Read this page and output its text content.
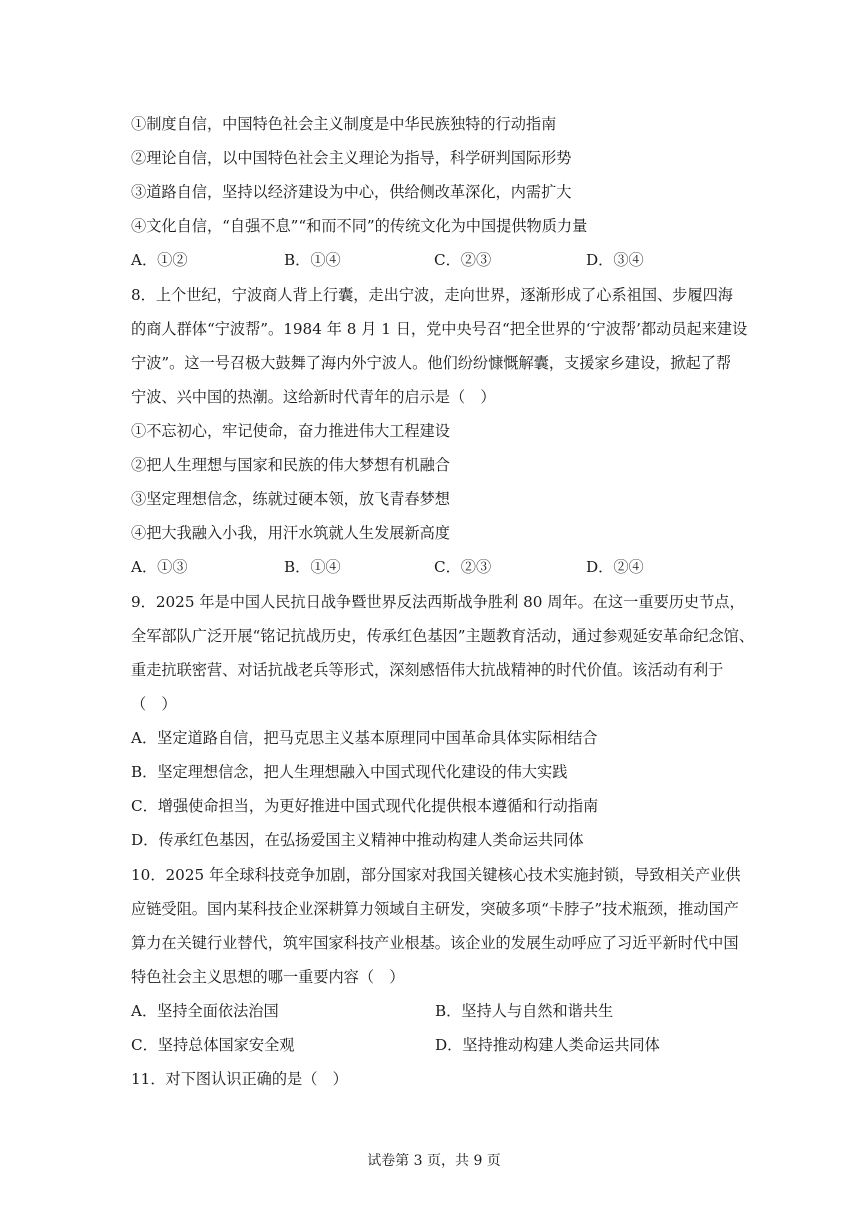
①制度自信，中国特色社会主义制度是中华民族独特的行动指南
②理论自信，以中国特色社会主义理论为指导，科学研判国际形势
③道路自信，坚持以经济建设为中心，供给侧改革深化，内需扩大
④文化自信，“自强不息”“和而不同”的传统文化为中国提供物质力量
A．①②	B．①④	C．②③	D．③④
8．上个世纪，宁波商人背上行囊，走出宁波，走向世界，逐渐形成了心系祖国、步履四海
的商人群体“宁波帮”。1984 年 8 月 1 日，党中央号召“把全世界的‘宁波帮’都动员起来建设
宁波”。这一号召极大鼓舞了海内外宁波人。他们纷纷慷慨解囊，支援家乡建设，掀起了帮
宁波、兴中国的热潮。这给新时代青年的启示是（　）
①不忘初心，牢记使命，奋力推进伟大工程建设
②把人生理想与国家和民族的伟大梦想有机融合
③坚定理想信念，练就过硬本领，放飞青春梦想
④把大我融入小我，用汗水筑就人生发展新高度
A．①③	B．①④	C．②③	D．②④
9．2025 年是中国人民抗日战争暨世界反法西斯战争胜利 80 周年。在这一重要历史节点，
全军部队广泛开展“铭记抗战历史，传承红色基因”主题教育活动，通过参观延安革命纪念馆、
重走抗联密营、对话抗战老兵等形式，深刻感悟伟大抗战精神的时代价值。该活动有利于
（　）
A．坚定道路自信，把马克思主义基本原理同中国革命具体实际相结合
B．坚定理想信念，把人生理想融入中国式现代化建设的伟大实践
C．增强使命担当，为更好推进中国式现代化提供根本遵循和行动指南
D．传承红色基因，在弘扬爱国主义精神中推动构建人类命运共同体
10．2025 年全球科技竞争加剧，部分国家对我国关键核心技术实施封锁，导致相关产业供
应链受阻。国内某科技企业深耕算力领域自主研发，突破多项“卡脖子”技术瓶颈，推动国产
算力在关键行业替代，筑牢国家科技产业根基。该企业的发展生动呼应了习近平新时代中国
特色社会主义思想的哪一重要内容（　）
A．坚持全面依法治国	B．坚持人与自然和谐共生
C．坚持总体国家安全观	D．坚持推动构建人类命运共同体
11．对下图认识正确的是（　）
试卷第 3 页，共 9 页
